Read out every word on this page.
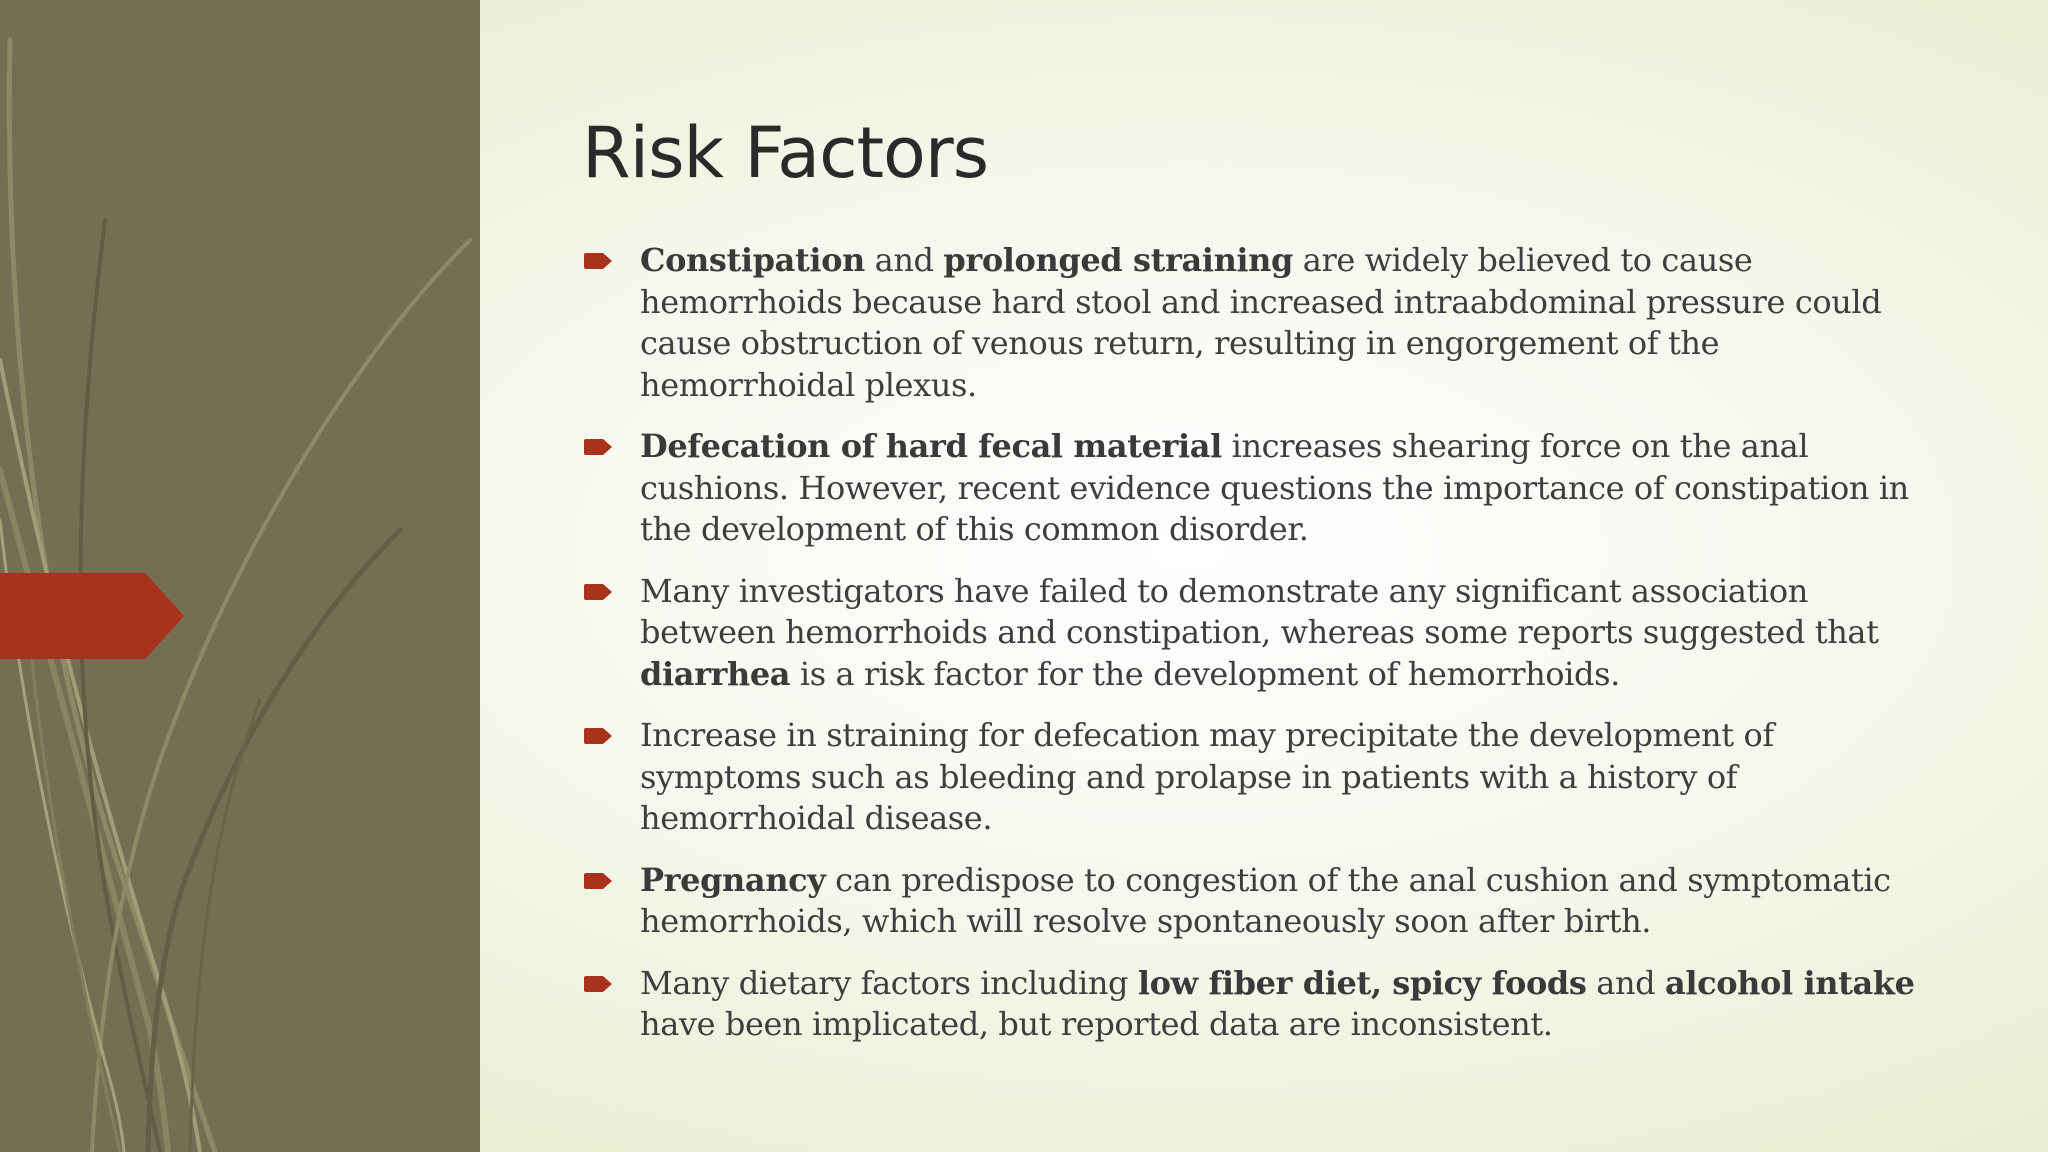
Risk Factors
Constipation and prolonged straining are widely believed to cause hemorrhoids because hard stool and increased intraabdominal pressure could cause obstruction of venous return, resulting in engorgement of the hemorrhoidal plexus.
Defecation of hard fecal material increases shearing force on the anal cushions. However, recent evidence questions the importance of constipation in the development of this common disorder.
Many investigators have failed to demonstrate any significant association between hemorrhoids and constipation, whereas some reports suggested that diarrhea is a risk factor for the development of hemorrhoids.
Increase in straining for defecation may precipitate the development of symptoms such as bleeding and prolapse in patients with a history of hemorrhoidal disease.
Pregnancy can predispose to congestion of the anal cushion and symptomatic hemorrhoids, which will resolve spontaneously soon after birth.
Many dietary factors including low fiber diet, spicy foods and alcohol intake have been implicated, but reported data are inconsistent.
